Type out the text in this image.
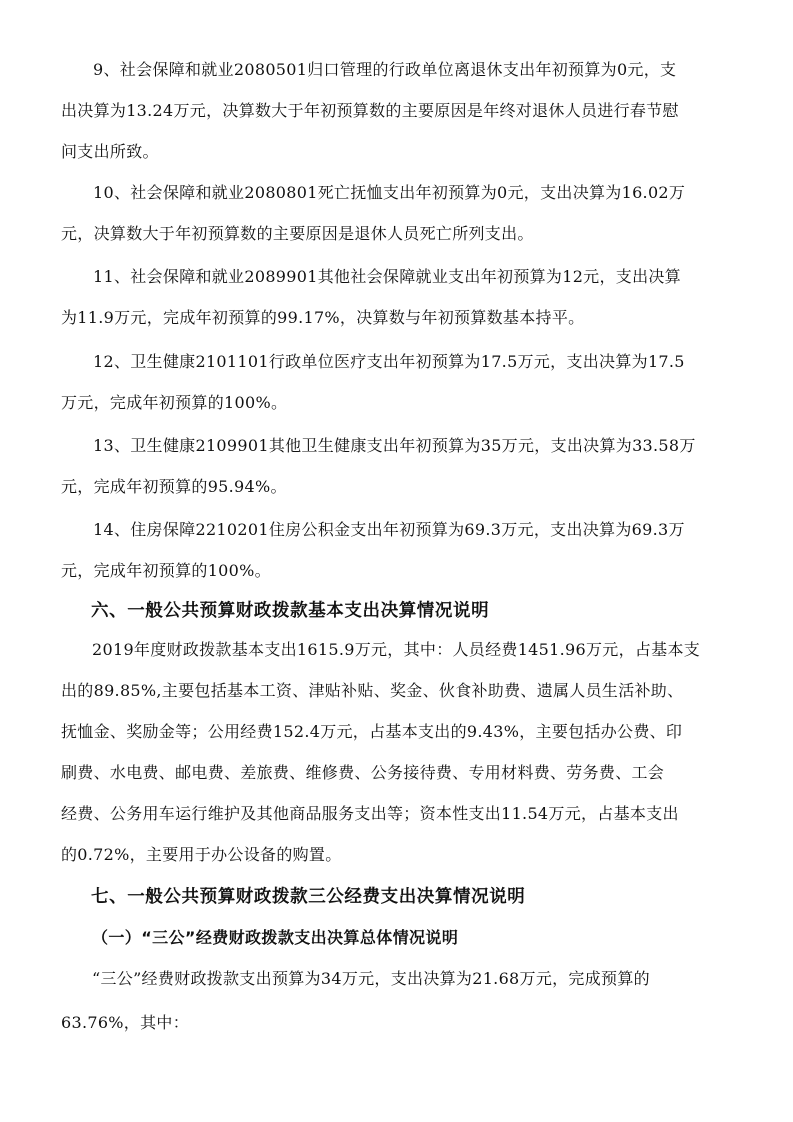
9、社会保障和就业2080501归口管理的行政单位离退休支出年初预算为0元，支
出决算为13.24万元，决算数大于年初预算数的主要原因是年终对退休人员进行春节慰
问支出所致。
10、社会保障和就业2080801死亡抚恤支出年初预算为0元，支出决算为16.02万
元，决算数大于年初预算数的主要原因是退休人员死亡所列支出。
11、社会保障和就业2089901其他社会保障就业支出年初预算为12元，支出决算
为11.9万元，完成年初预算的99.17%，决算数与年初预算数基本持平。
12、卫生健康2101101行政单位医疗支出年初预算为17.5万元，支出决算为17.5
万元，完成年初预算的100%。
13、卫生健康2109901其他卫生健康支出年初预算为35万元，支出决算为33.58万
元，完成年初预算的95.94%。
14、住房保障2210201住房公积金支出年初预算为69.3万元，支出决算为69.3万
元，完成年初预算的100%。
六、一般公共预算财政拨款基本支出决算情况说明
2019年度财政拨款基本支出1615.9万元，其中：人员经费1451.96万元，占基本支
出的89.85%,主要包括基本工资、津贴补贴、奖金、伙食补助费、遗属人员生活补助、
抚恤金、奖励金等；公用经费152.4万元，占基本支出的9.43%，主要包括办公费、印
刷费、水电费、邮电费、差旅费、维修费、公务接待费、专用材料费、劳务费、工会
经费、公务用车运行维护及其他商品服务支出等；资本性支出11.54万元，占基本支出
的0.72%，主要用于办公设备的购置。
七、一般公共预算财政拨款三公经费支出决算情况说明
（一）“三公”经费财政拨款支出决算总体情况说明
“三公”经费财政拨款支出预算为34万元，支出决算为21.68万元，完成预算的
63.76%，其中：
